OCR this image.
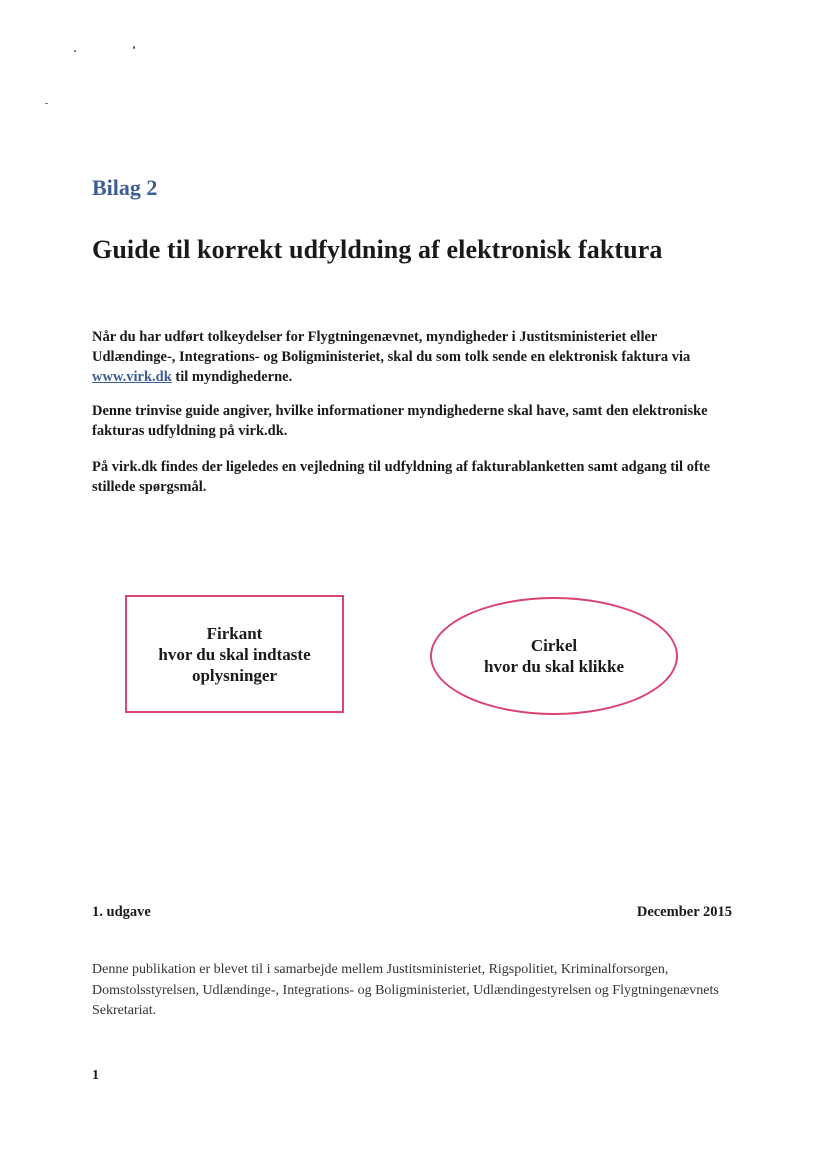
Bilag 2
Guide til korrekt udfyldning af elektronisk faktura

Når du har udført tolkeydelser for Flygtningenævnet, myndigheder i Justitsministeriet eller Udlændinge-, Integrations- og Boligministeriet, skal du som tolk sende en elektronisk faktura via www.virk.dk til myndighederne.

Denne trinvise guide angiver, hvilke informationer myndighederne skal have, samt den elektroniske fakturas udfyldning på virk.dk.

På virk.dk findes der ligeledes en vejledning til udfyldning af fakturablanketten samt adgang til ofte stillede spørgsmål.

Firkant
hvor du skal indtaste
oplysninger
Cirkel
hvor du skal klikke

1. udgave	December 2015

Denne publikation er blevet til i samarbejde mellem Justitsministeriet, Rigspolitiet, Kriminalforsorgen, Domstolsstyrelsen, Udlændinge-, Integrations- og Boligministeriet, Udlændingestyrelsen og Flygtningenævnets Sekretariat.

1
